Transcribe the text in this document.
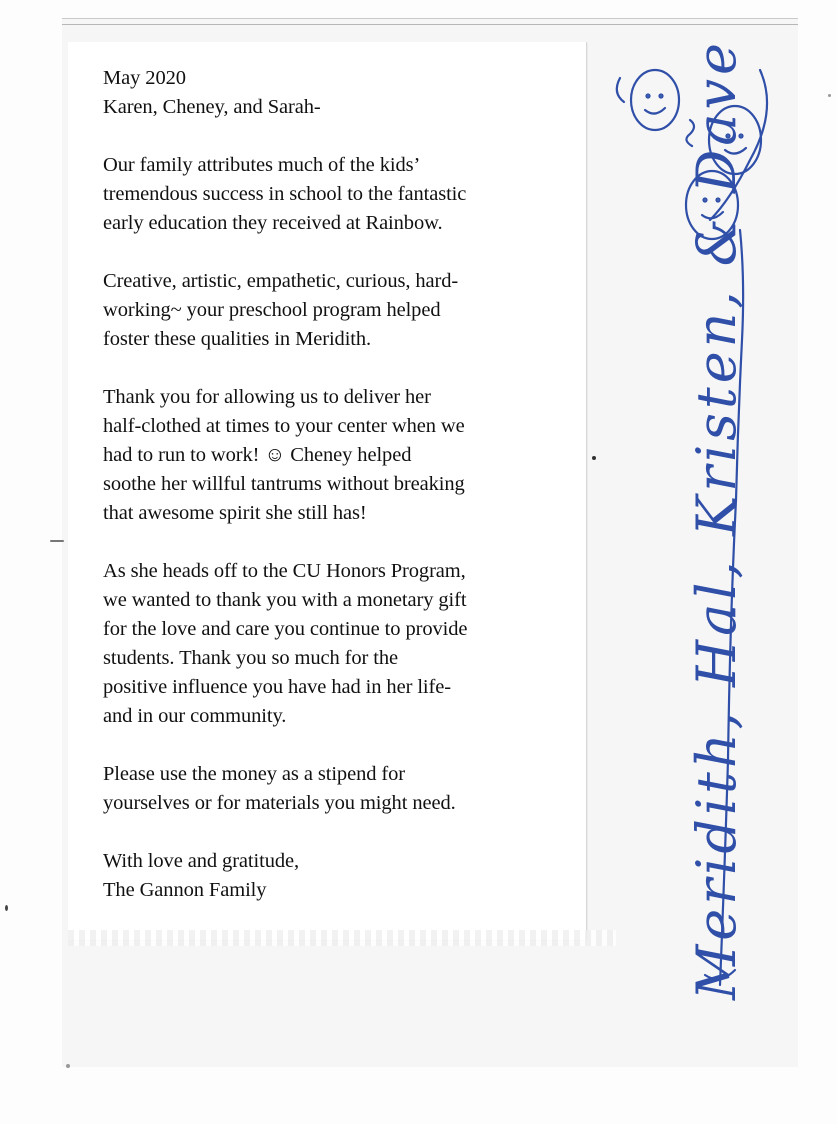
May 2020
Karen, Cheney, and Sarah-
Our family attributes much of the kids’
tremendous success in school to the fantastic
early education they received at Rainbow.
Creative, artistic, empathetic, curious, hard-
working~ your preschool program helped
foster these qualities in Meridith.
Thank you for allowing us to deliver her
half-clothed at times to your center when we
had to run to work! ☺ Cheney helped
soothe her willful tantrums without breaking
that awesome spirit she still has!
As she heads off to the CU Honors Program,
we wanted to thank you with a monetary gift
for the love and care you continue to provide
students. Thank you so much for the
positive influence you have had in her life-
and in our community.
Please use the money as a stipend for
yourselves or for materials you might need.
With love and gratitude,
The Gannon Family	Meridith, Hal, Kristen, & Dave
